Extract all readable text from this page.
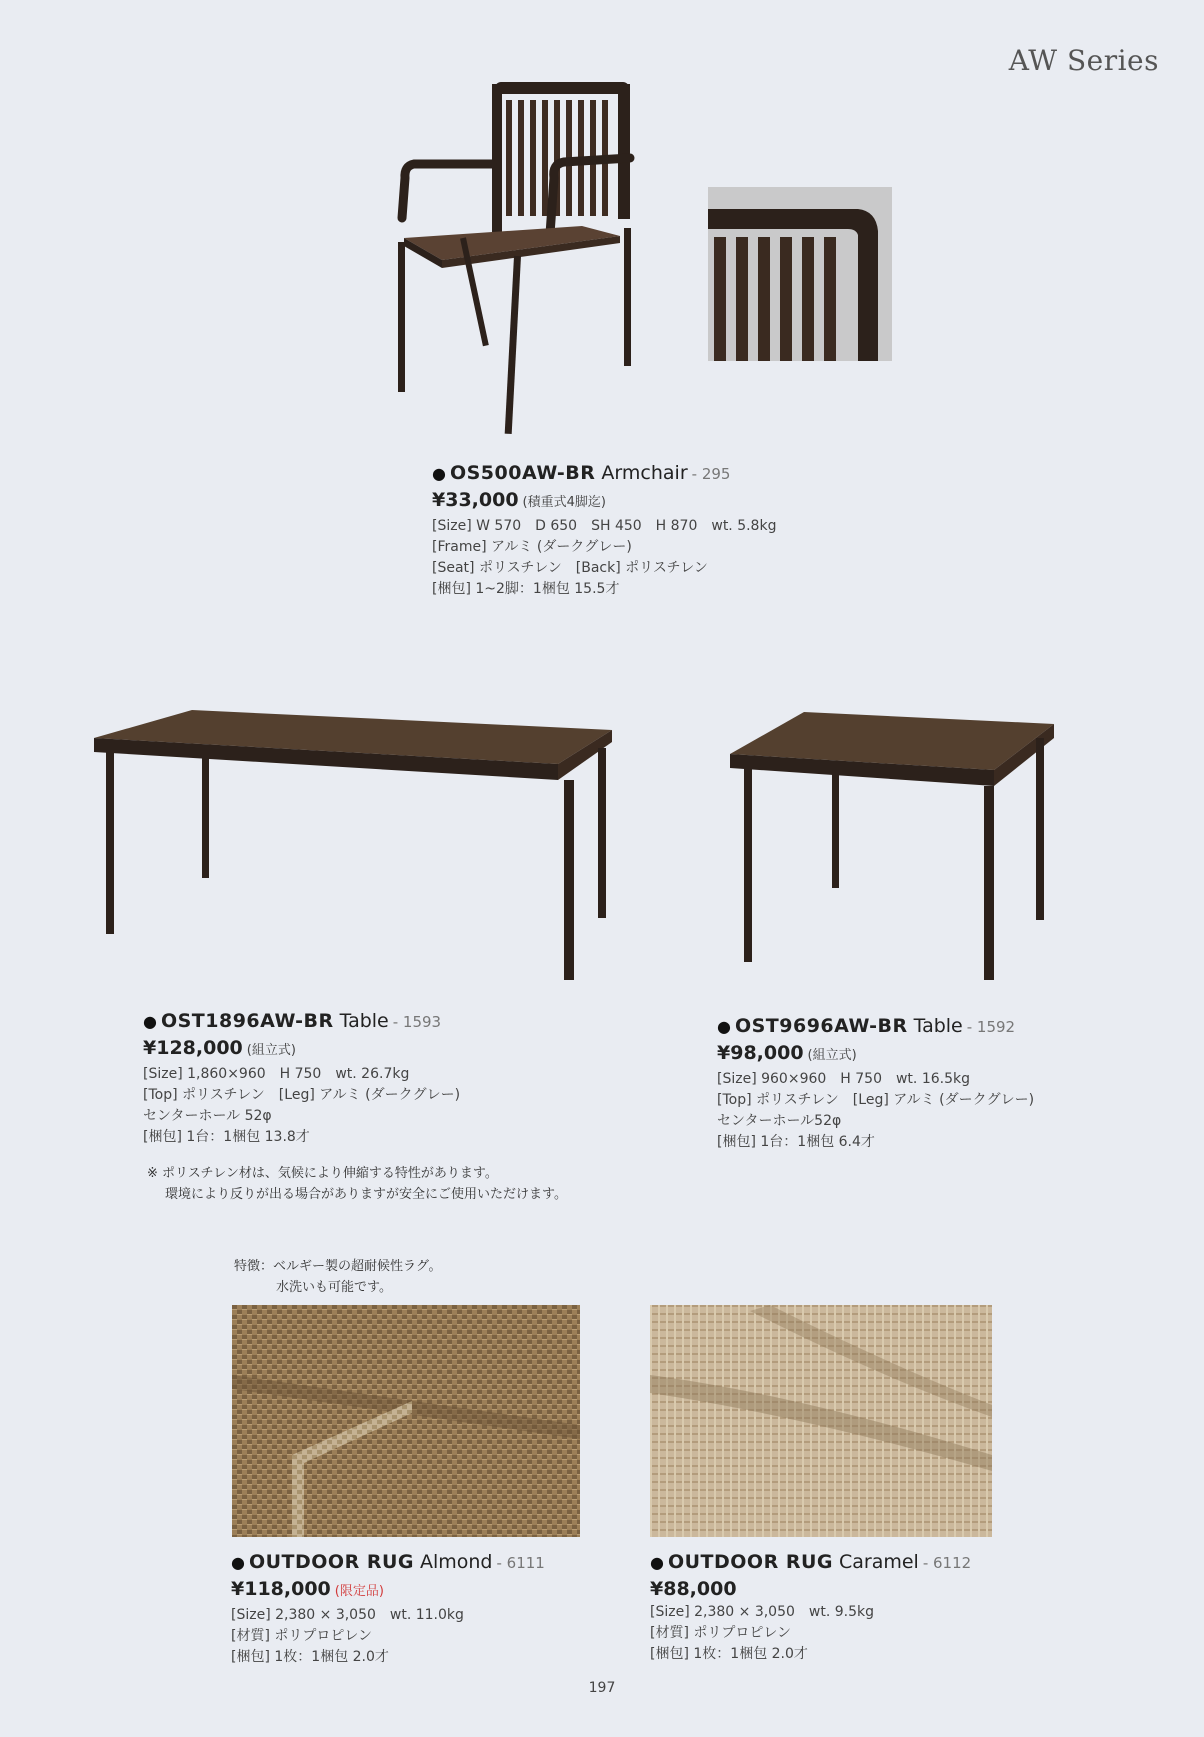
AW Series
● OS500AW-BR Armchair - 295
¥33,000 (積重式4脚迄)
[Size] W 570　D 650　SH 450　H 870　wt. 5.8kg
[Frame] アルミ (ダークグレー)
[Seat] ポリスチレン　[Back] ポリスチレン
[梱包] 1~2脚：1梱包 15.5才
● OST1896AW-BR Table - 1593
¥128,000 (組立式)
[Size] 1,860×960　H 750　wt. 26.7kg
[Top] ポリスチレン　[Leg] アルミ (ダークグレー)
センターホール 52φ
[梱包] 1台：1梱包 13.8才
● OST9696AW-BR Table - 1592
¥98,000 (組立式)
[Size] 960×960　H 750　wt. 16.5kg
[Top] ポリスチレン　[Leg] アルミ (ダークグレー)
センターホール52φ
[梱包] 1台：1梱包 6.4才
※ ポリスチレン材は、気候により伸縮する特性があります。
環境により反りが出る場合がありますが安全にご使用いただけます。
特徴：ベルギー製の超耐候性ラグ。
水洗いも可能です。
● OUTDOOR RUG Almond - 6111
¥118,000 (限定品)
[Size] 2,380 × 3,050　wt. 11.0kg
[材質] ポリプロピレン
[梱包] 1枚：1梱包 2.0才
● OUTDOOR RUG Caramel - 6112
¥88,000
[Size] 2,380 × 3,050　wt. 9.5kg
[材質] ポリプロピレン
[梱包] 1枚：1梱包 2.0才
197
